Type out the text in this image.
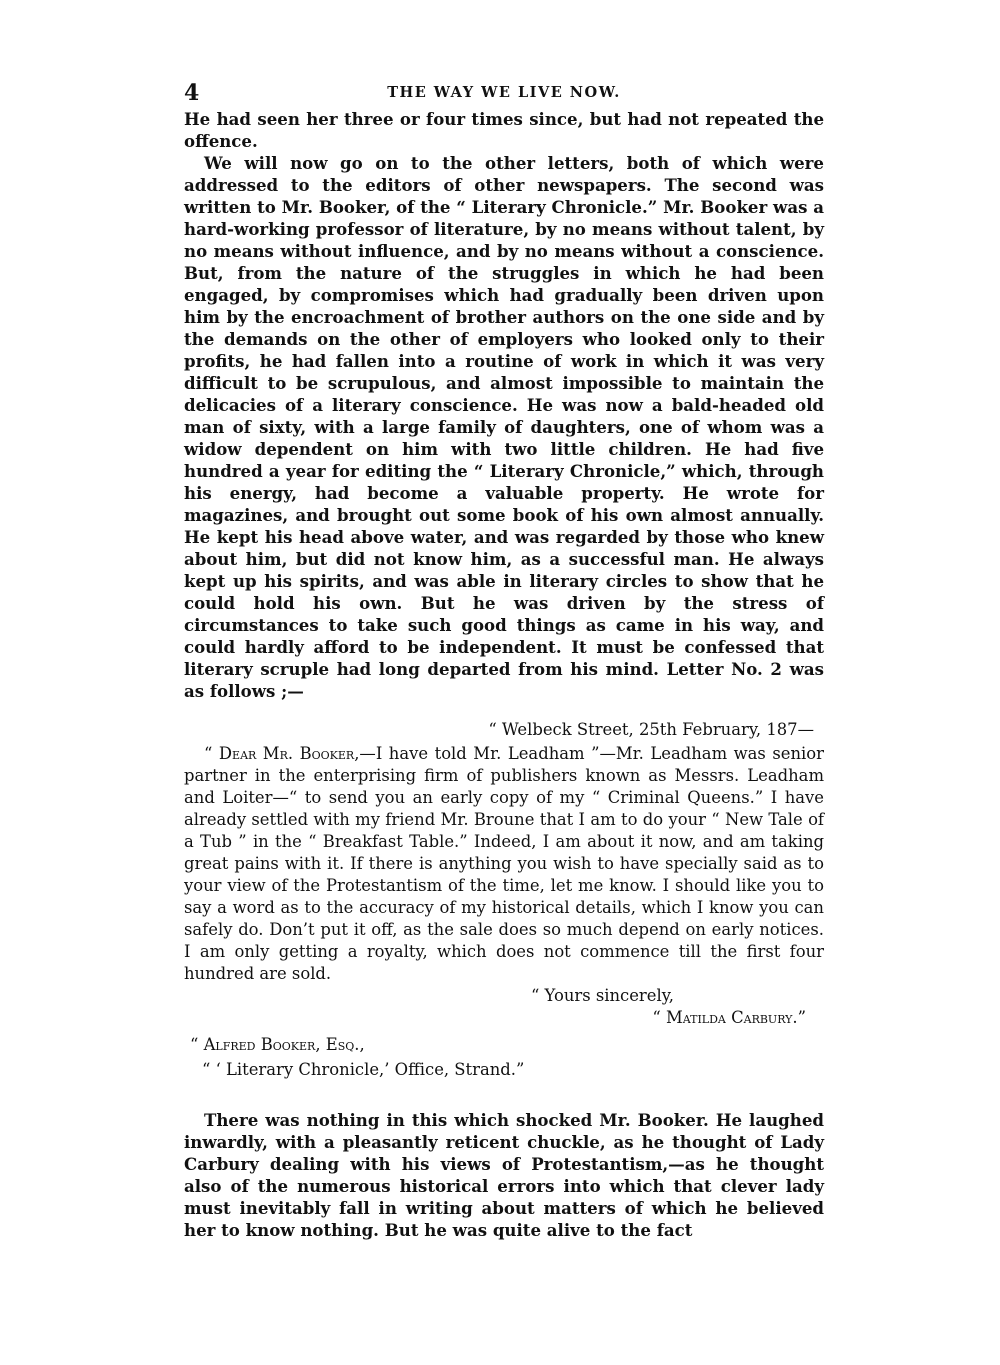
4	THE WAY WE LIVE NOW.

He had seen her three or four times since, but had not repeated the offence.

We will now go on to the other letters, both of which were addressed to the editors of other newspapers. The second was written to Mr. Booker, of the “ Literary Chronicle.” Mr. Booker was a hard-working professor of literature, by no means without talent, by no means without influence, and by no means without a conscience. But, from the nature of the struggles in which he had been engaged, by compromises which had gradually been driven upon him by the encroachment of brother authors on the one side and by the demands on the other of employers who looked only to their profits, he had fallen into a routine of work in which it was very difficult to be scrupulous, and almost impossible to maintain the delicacies of a literary conscience. He was now a bald-headed old man of sixty, with a large family of daughters, one of whom was a widow dependent on him with two little children. He had five hundred a year for editing the “ Literary Chronicle,” which, through his energy, had become a valuable property. He wrote for magazines, and brought out some book of his own almost annually. He kept his head above water, and was regarded by those who knew about him, but did not know him, as a successful man. He always kept up his spirits, and was able in literary circles to show that he could hold his own. But he was driven by the stress of circumstances to take such good things as came in his way, and could hardly afford to be independent. It must be confessed that literary scruple had long departed from his mind. Letter No. 2 was as follows ;—

“ Welbeck Street, 25th February, 187—

“ Dear Mr. Booker,—I have told Mr. Leadham ”—Mr. Leadham was senior partner in the enterprising firm of publishers known as Messrs. Leadham and Loiter—“ to send you an early copy of my “ Criminal Queens.” I have already settled with my friend Mr. Broune that I am to do your “ New Tale of a Tub ” in the “ Breakfast Table.” Indeed, I am about it now, and am taking great pains with it. If there is anything you wish to have specially said as to your view of the Protestantism of the time, let me know. I should like you to say a word as to the accuracy of my historical details, which I know you can safely do. Don’t put it off, as the sale does so much depend on early notices. I am only getting a royalty, which does not commence till the first four hundred are sold.

“ Yours sincerely,

“ Matilda Carbury.”

“ Alfred Booker, Esq.,

“ ‘ Literary Chronicle,’ Office, Strand.”

There was nothing in this which shocked Mr. Booker. He laughed inwardly, with a pleasantly reticent chuckle, as he thought of Lady Carbury dealing with his views of Protestantism,—as he thought also of the numerous historical errors into which that clever lady must inevitably fall in writing about matters of which he believed her to know nothing. But he was quite alive to the fact
